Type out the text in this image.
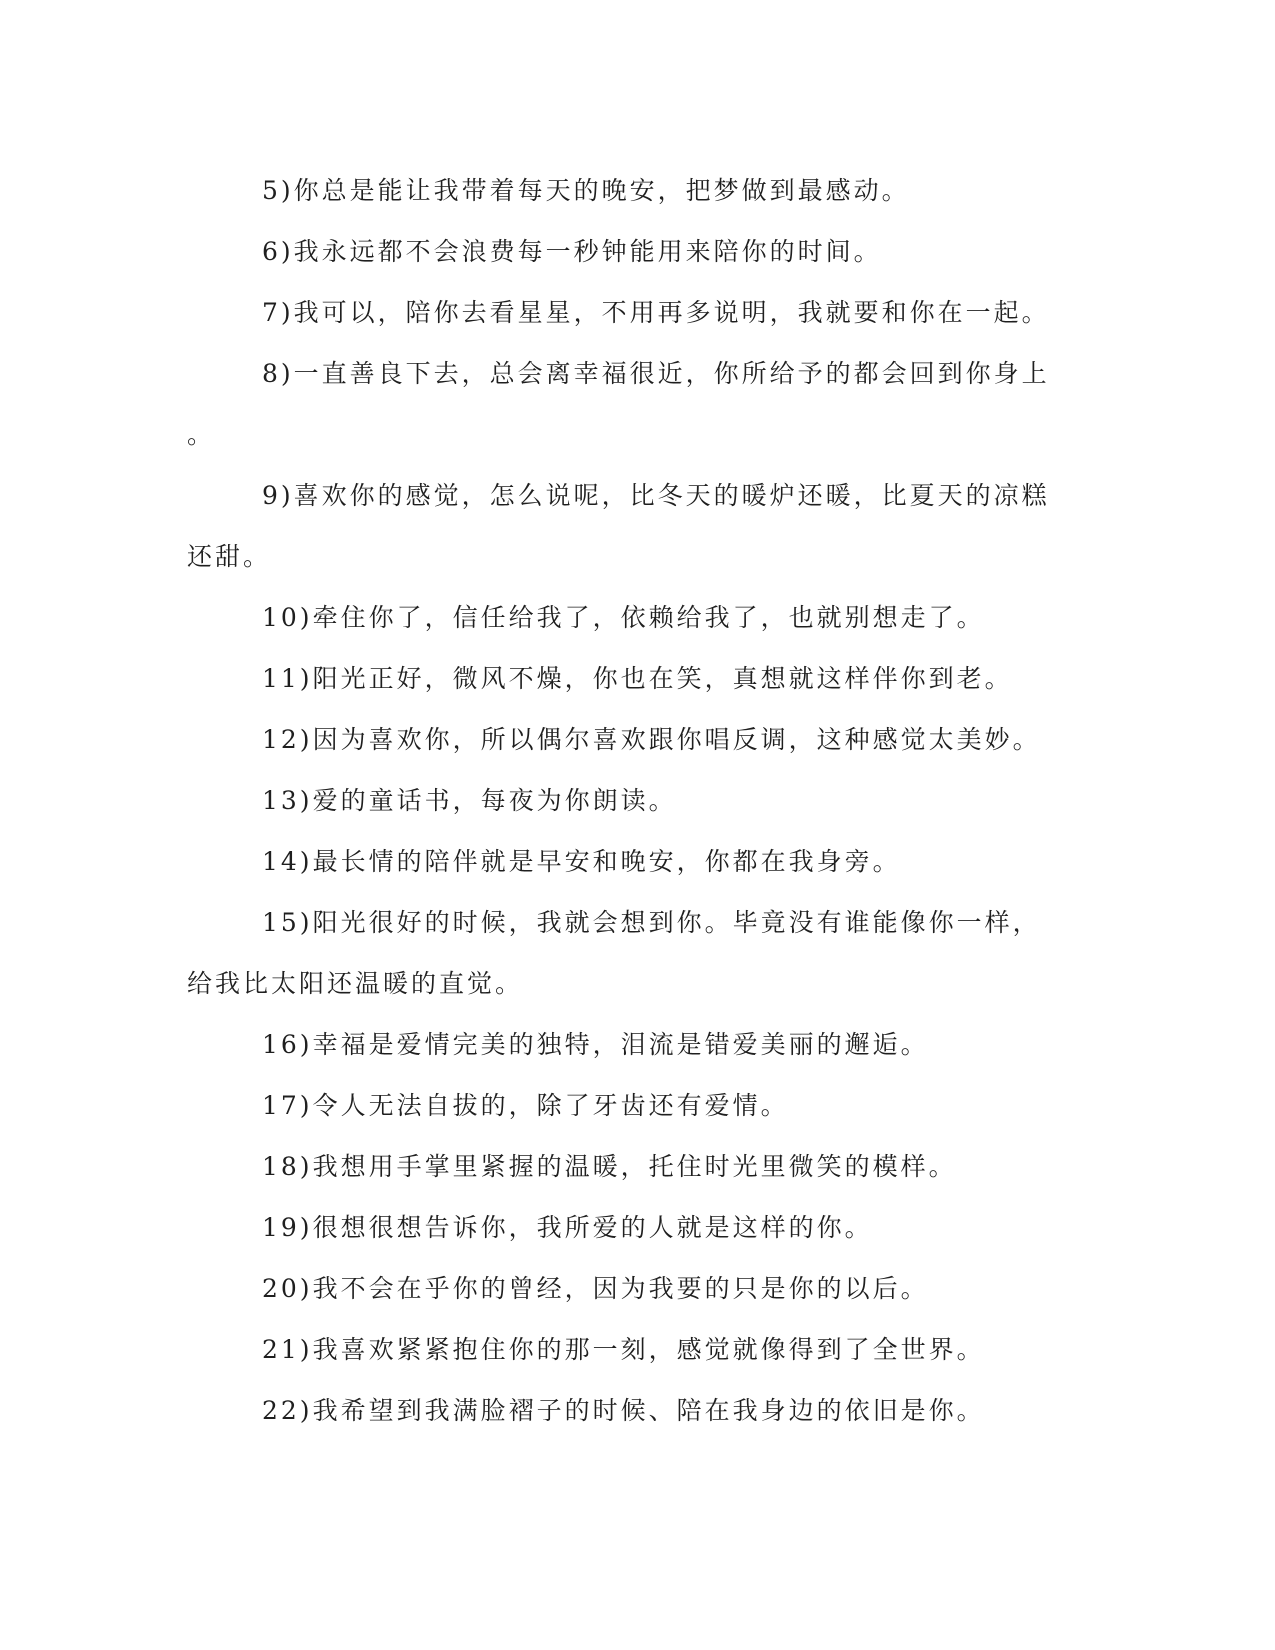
5)你总是能让我带着每天的晚安，把梦做到最感动。

6)我永远都不会浪费每一秒钟能用来陪你的时间。

7)我可以，陪你去看星星，不用再多说明，我就要和你在一起。

8)一直善良下去，总会离幸福很近，你所给予的都会回到你身上
。

9)喜欢你的感觉，怎么说呢，比冬天的暖炉还暖，比夏天的凉糕
还甜。

10)牵住你了，信任给我了，依赖给我了，也就别想走了。

11)阳光正好，微风不燥，你也在笑，真想就这样伴你到老。

12)因为喜欢你，所以偶尔喜欢跟你唱反调，这种感觉太美妙。

13)爱的童话书，每夜为你朗读。

14)最长情的陪伴就是早安和晚安，你都在我身旁。

15)阳光很好的时候，我就会想到你。毕竟没有谁能像你一样，
给我比太阳还温暖的直觉。

16)幸福是爱情完美的独特，泪流是错爱美丽的邂逅。

17)令人无法自拔的，除了牙齿还有爱情。

18)我想用手掌里紧握的温暖，托住时光里微笑的模样。

19)很想很想告诉你，我所爱的人就是这样的你。

20)我不会在乎你的曾经，因为我要的只是你的以后。

21)我喜欢紧紧抱住你的那一刻，感觉就像得到了全世界。

22)我希望到我满脸褶子的时候、陪在我身边的依旧是你。
